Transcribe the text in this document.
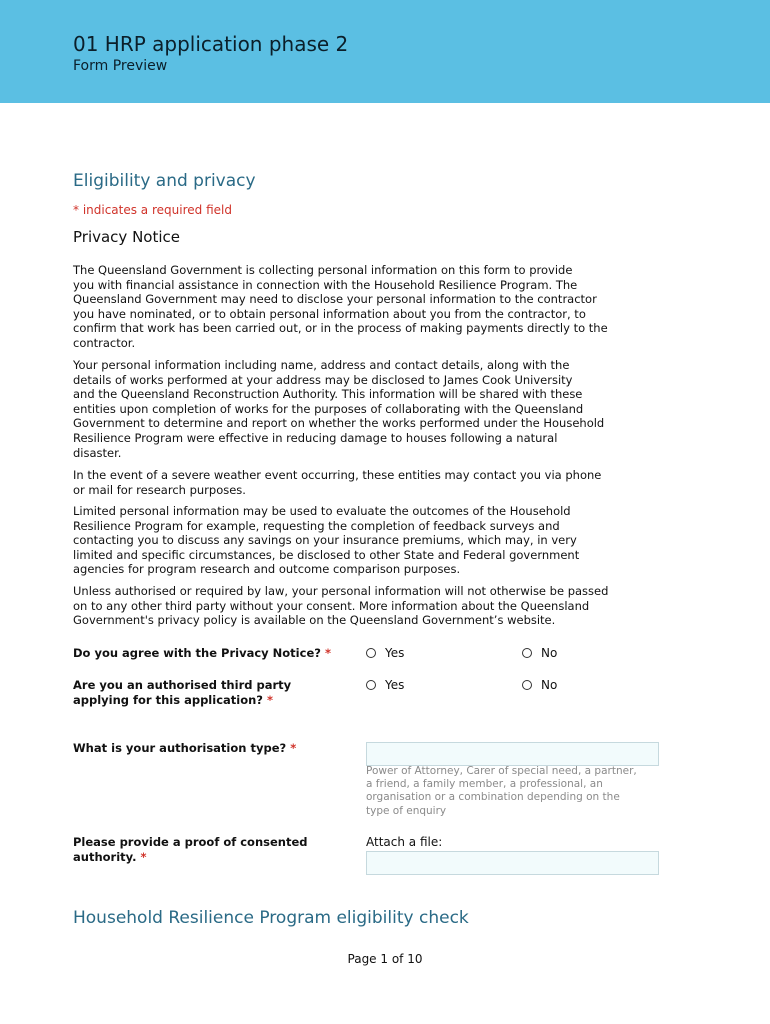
01 HRP application phase 2
Form Preview
Eligibility and privacy
* indicates a required field
Privacy Notice
The Queensland Government is collecting personal information on this form to provide
you with financial assistance in connection with the Household Resilience Program. The
Queensland Government may need to disclose your personal information to the contractor
you have nominated, or to obtain personal information about you from the contractor, to
confirm that work has been carried out, or in the process of making payments directly to the
contractor.
Your personal information including name, address and contact details, along with the
details of works performed at your address may be disclosed to James Cook University
and the Queensland Reconstruction Authority. This information will be shared with these
entities upon completion of works for the purposes of collaborating with the Queensland
Government to determine and report on whether the works performed under the Household
Resilience Program were effective in reducing damage to houses following a natural
disaster.
In the event of a severe weather event occurring, these entities may contact you via phone
or mail for research purposes.
Limited personal information may be used to evaluate the outcomes of the Household
Resilience Program for example, requesting the completion of feedback surveys and
contacting you to discuss any savings on your insurance premiums, which may, in very
limited and specific circumstances, be disclosed to other State and Federal government
agencies for program research and outcome comparison purposes.
Unless authorised or required by law, your personal information will not otherwise be passed
on to any other third party without your consent. More information about the Queensland
Government's privacy policy is available on the Queensland Government’s website.
Do you agree with the Privacy Notice? *	Yes	No
Are you an authorised third party
applying for this application? *
Yes	No
What is your authorisation type? *
Power of Attorney, Carer of special need, a partner,
a friend, a family member, a professional, an
organisation or a combination depending on the
type of enquiry
Please provide a proof of consented
authority. *
Attach a file:
Household Resilience Program eligibility check
Page 1 of 10
